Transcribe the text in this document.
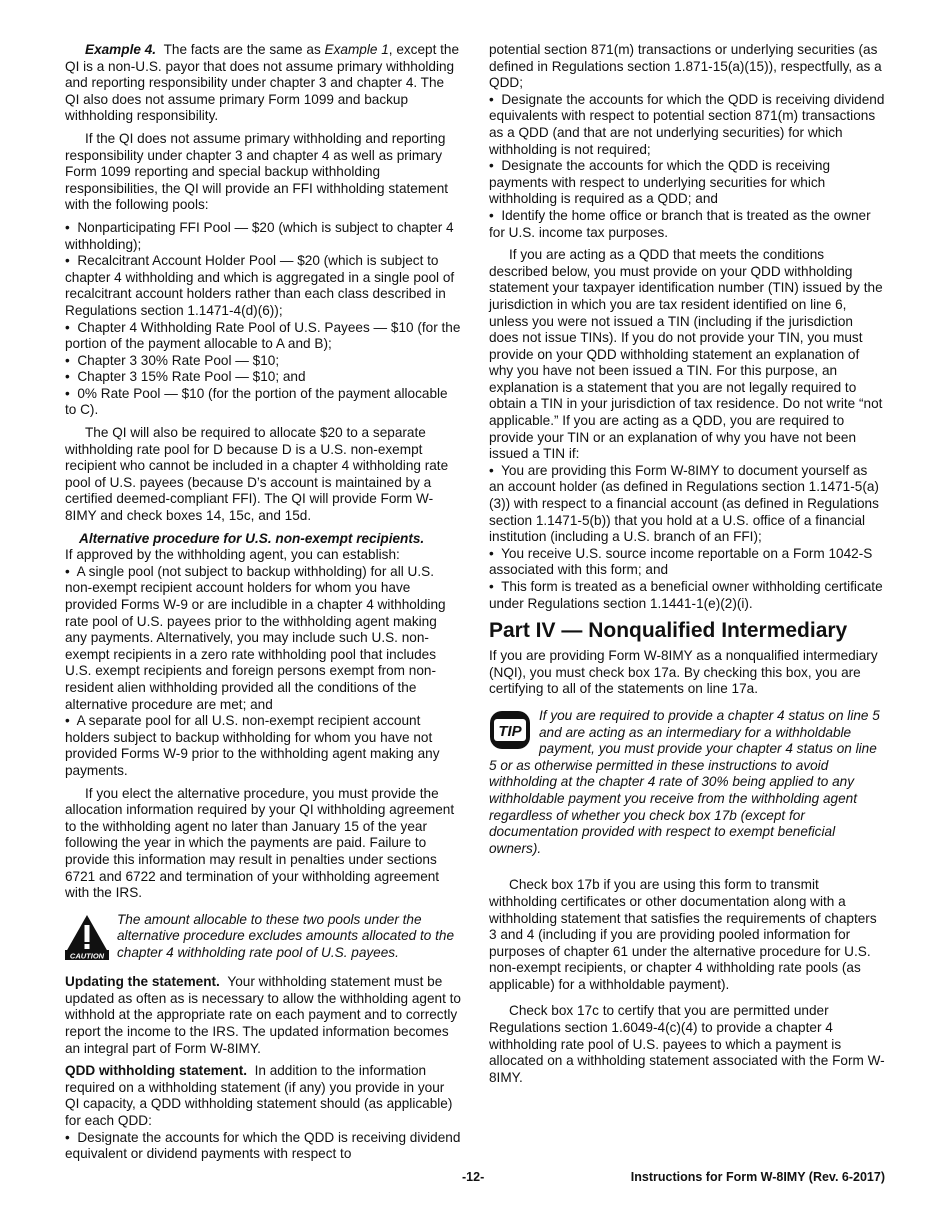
Example 4. The facts are the same as Example 1, except the QI is a non-U.S. payor that does not assume primary withholding and reporting responsibility under chapter 3 and chapter 4. The QI also does not assume primary Form 1099 and backup withholding responsibility.

If the QI does not assume primary withholding and reporting responsibility under chapter 3 and chapter 4 as well as primary Form 1099 reporting and special backup withholding responsibilities, the QI will provide an FFI withholding statement with the following pools:

•  Nonparticipating FFI Pool — $20 (which is subject to chapter 4 withholding);

•  Recalcitrant Account Holder Pool — $20 (which is subject to chapter 4 withholding and which is aggregated in a single pool of recalcitrant account holders rather than each class described in Regulations section 1.1471-4(d)(6));

•  Chapter 4 Withholding Rate Pool of U.S. Payees — $10 (for the portion of the payment allocable to A and B);

•  Chapter 3 30% Rate Pool — $10;

•  Chapter 3 15% Rate Pool — $10; and

•  0% Rate Pool — $10 (for the portion of the payment allocable to C).

The QI will also be required to allocate $20 to a separate withholding rate pool for D because D is a U.S. non-exempt recipient who cannot be included in a chapter 4 withholding rate pool of U.S. payees (because D’s account is maintained by a certified deemed-compliant FFI). The QI will provide Form W-8IMY and check boxes 14, 15c, and 15d.

Alternative procedure for U.S. non-exempt recipients.

If approved by the withholding agent, you can establish:

•  A single pool (not subject to backup withholding) for all U.S. non-exempt recipient account holders for whom you have provided Forms W-9 or are includible in a chapter 4 withholding rate pool of U.S. payees prior to the withholding agent making any payments. Alternatively, you may include such U.S. non-exempt recipients in a zero rate withholding pool that includes U.S. exempt recipients and foreign persons exempt from non-resident alien withholding provided all the conditions of the alternative procedure are met; and

•  A separate pool for all U.S. non-exempt recipient account holders subject to backup withholding for whom you have not provided Forms W-9 prior to the withholding agent making any payments.

If you elect the alternative procedure, you must provide the allocation information required by your QI withholding agreement to the withholding agent no later than January 15 of the year following the year in which the payments are paid. Failure to provide this information may result in penalties under sections 6721 and 6722 and termination of your withholding agreement with the IRS.

CAUTION
The amount allocable to these two pools under the alternative procedure excludes amounts allocated to the chapter 4 withholding rate pool of U.S. payees.

Updating the statement. Your withholding statement must be updated as often as is necessary to allow the withholding agent to withhold at the appropriate rate on each payment and to correctly report the income to the IRS. The updated information becomes an integral part of Form W-8IMY.

QDD withholding statement. In addition to the information required on a withholding statement (if any) you provide in your QI capacity, a QDD withholding statement should (as applicable) for each QDD:

•  Designate the accounts for which the QDD is receiving dividend equivalent or dividend payments with respect to

potential section 871(m) transactions or underlying securities (as defined in Regulations section 1.871-15(a)(15)), respectfully, as a QDD;

•  Designate the accounts for which the QDD is receiving dividend equivalents with respect to potential section 871(m) transactions as a QDD (and that are not underlying securities) for which withholding is not required;

•  Designate the accounts for which the QDD is receiving payments with respect to underlying securities for which withholding is required as a QDD; and

•  Identify the home office or branch that is treated as the owner for U.S. income tax purposes.

If you are acting as a QDD that meets the conditions described below, you must provide on your QDD withholding statement your taxpayer identification number (TIN) issued by the jurisdiction in which you are tax resident identified on line 6, unless you were not issued a TIN (including if the jurisdiction does not issue TINs). If you do not provide your TIN, you must provide on your QDD withholding statement an explanation of why you have not been issued a TIN. For this purpose, an explanation is a statement that you are not legally required to obtain a TIN in your jurisdiction of tax residence. Do not write “not applicable.” If you are acting as a QDD, you are required to provide your TIN or an explanation of why you have not been issued a TIN if:

•  You are providing this Form W-8IMY to document yourself as an account holder (as defined in Regulations section 1.1471-5(a)(3)) with respect to a financial account (as defined in Regulations section 1.1471-5(b)) that you hold at a U.S. office of a financial institution (including a U.S. branch of an FFI);

•  You receive U.S. source income reportable on a Form 1042-S associated with this form; and

•  This form is treated as a beneficial owner withholding certificate under Regulations section 1.1441-1(e)(2)(i).

Part IV — Nonqualified Intermediary

If you are providing Form W-8IMY as a nonqualified intermediary (NQI), you must check box 17a. By checking this box, you are certifying to all of the statements on line 17a.

TIP
If you are required to provide a chapter 4 status on line 5 and are acting as an intermediary for a withholdable payment, you must provide your chapter 4 status on line 5 or as otherwise permitted in these instructions to avoid withholding at the chapter 4 rate of 30% being applied to any withholdable payment you receive from the withholding agent regardless of whether you check box 17b (except for documentation provided with respect to exempt beneficial owners).

Check box 17b if you are using this form to transmit withholding certificates or other documentation along with a withholding statement that satisfies the requirements of chapters 3 and 4 (including if you are providing pooled information for purposes of chapter 61 under the alternative procedure for U.S. non-exempt recipients, or chapter 4 withholding rate pools (as applicable) for a withholdable payment).

Check box 17c to certify that you are permitted under Regulations section 1.6049-4(c)(4) to provide a chapter 4 withholding rate pool of U.S. payees to which a payment is allocated on a withholding statement associated with the Form W-8IMY.

-12-	Instructions for Form W-8IMY (Rev. 6-2017)
